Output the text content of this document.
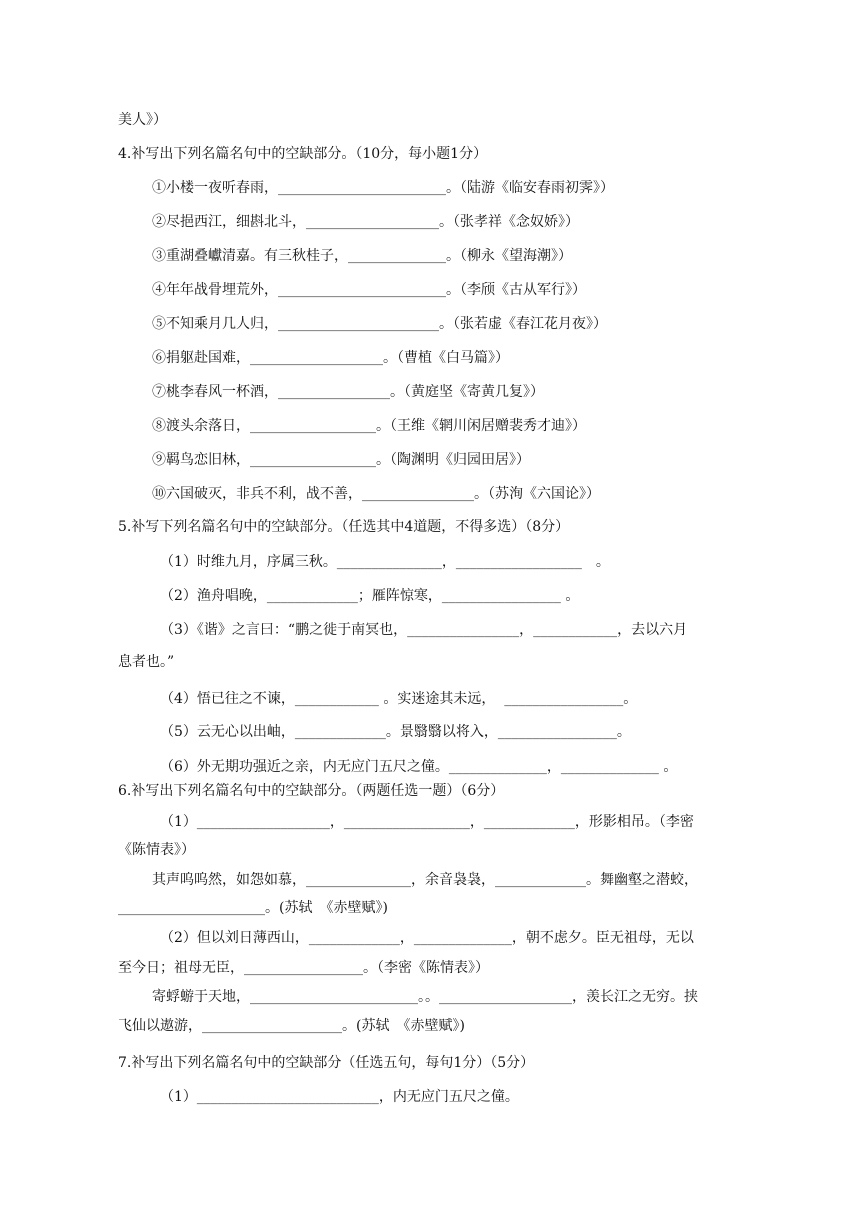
美人》）
4.补写出下列名篇名句中的空缺部分。（10分，每小题1分）
①小楼一夜听春雨，________________________。（陆游《临安春雨初霁》）
②尽挹西江，细斟北斗，___________________。（张孝祥《念奴娇》）
③重湖叠巘清嘉。有三秋桂子，______________。（柳永《望海潮》）
④年年战骨埋荒外，________________________。（李颀《古从军行》）
⑤不知乘月几人归，_______________________。（张若虚《春江花月夜》）
⑥捐躯赴国难，___________________。（曹植《白马篇》）
⑦桃李春风一杯酒，________________。（黄庭坚《寄黄几复》）
⑧渡头余落日，__________________。（王维《辋川闲居赠裴秀才迪》）
⑨羁鸟恋旧林，__________________。（陶渊明《归园田居》）
⑩六国破灭，非兵不利，战不善，________________。（苏洵《六国论》）
5.补写下列名篇名句中的空缺部分。（任选其中4道题，不得多选）（8分）
（1）时维九月，序属三秋。_______________，__________________　。
（2）渔舟唱晚，_____________；雁阵惊寒，_________________ 。
（3）《谐》之言曰：“鹏之徙于南冥也，________________，____________，去以六月
息者也。”
（4）悟已往之不谏，____________ 。实迷途其未远，  _________________。
（5）云无心以出岫，_____________。景翳翳以将入，_________________。
（6）外无期功强近之亲，内无应门五尺之僮。______________，______________ 。
6.补写出下列名篇名句中的空缺部分。（两题任选一题）（6分）
（1）___________________，__________________，_____________，形影相吊。（李密
《陈情表》）
其声呜呜然，如怨如慕，_______________，余音袅袅，_____________。舞幽壑之潜蛟，
_____________________。(苏轼　《赤壁赋》)
（2）但以刘日薄西山，_____________，______________，朝不虑夕。臣无祖母，无以
至今日；祖母无臣，_________________。（李密《陈情表》）
寄蜉蝣于天地，________________________。。___________________，羡长江之无穷。挟
飞仙以遨游，____________________。(苏轼　《赤壁赋》)
7.补写出下列名篇名句中的空缺部分（任选五句，每句1分）（5分）
（1）__________________________，内无应门五尺之僮。
